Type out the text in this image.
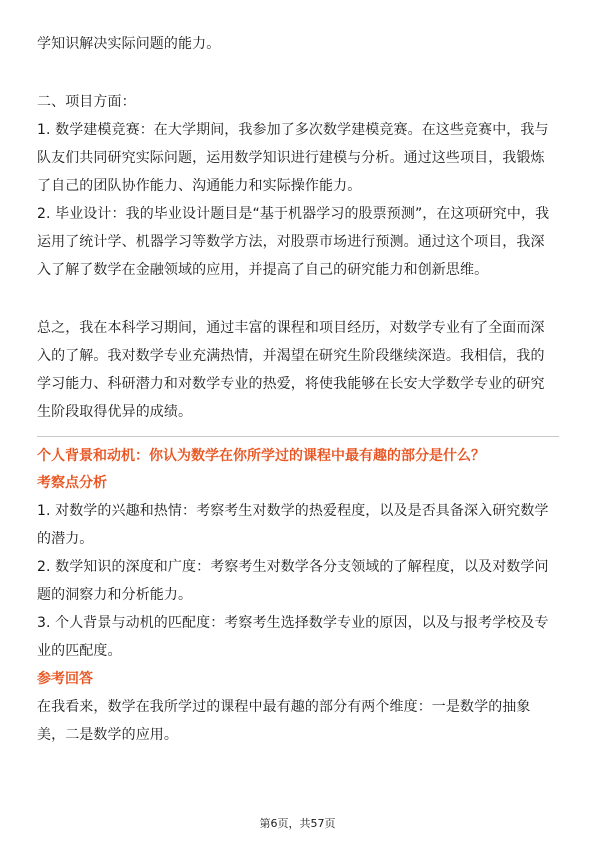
学知识解决实际问题的能力。

二、项目方面：

1. 数学建模竞赛：在大学期间，我参加了多次数学建模竞赛。在这些竞赛中，我与

队友们共同研究实际问题，运用数学知识进行建模与分析。通过这些项目，我锻炼

了自己的团队协作能力、沟通能力和实际操作能力。

2. 毕业设计：我的毕业设计题目是“基于机器学习的股票预测”，在这项研究中，我

运用了统计学、机器学习等数学方法，对股票市场进行预测。通过这个项目，我深

入了解了数学在金融领域的应用，并提高了自己的研究能力和创新思维。

总之，我在本科学习期间，通过丰富的课程和项目经历，对数学专业有了全面而深

入的了解。我对数学专业充满热情，并渴望在研究生阶段继续深造。我相信，我的

学习能力、科研潜力和对数学专业的热爱，将使我能够在长安大学数学专业的研究

生阶段取得优异的成绩。

个人背景和动机：你认为数学在你所学过的课程中最有趣的部分是什么？

考察点分析

1. 对数学的兴趣和热情：考察考生对数学的热爱程度，以及是否具备深入研究数学

的潜力。

2. 数学知识的深度和广度：考察考生对数学各分支领域的了解程度，以及对数学问

题的洞察力和分析能力。

3. 个人背景与动机的匹配度：考察考生选择数学专业的原因，以及与报考学校及专

业的匹配度。

参考回答

在我看来，数学在我所学过的课程中最有趣的部分有两个维度：一是数学的抽象

美，二是数学的应用。

第6页，共57页
